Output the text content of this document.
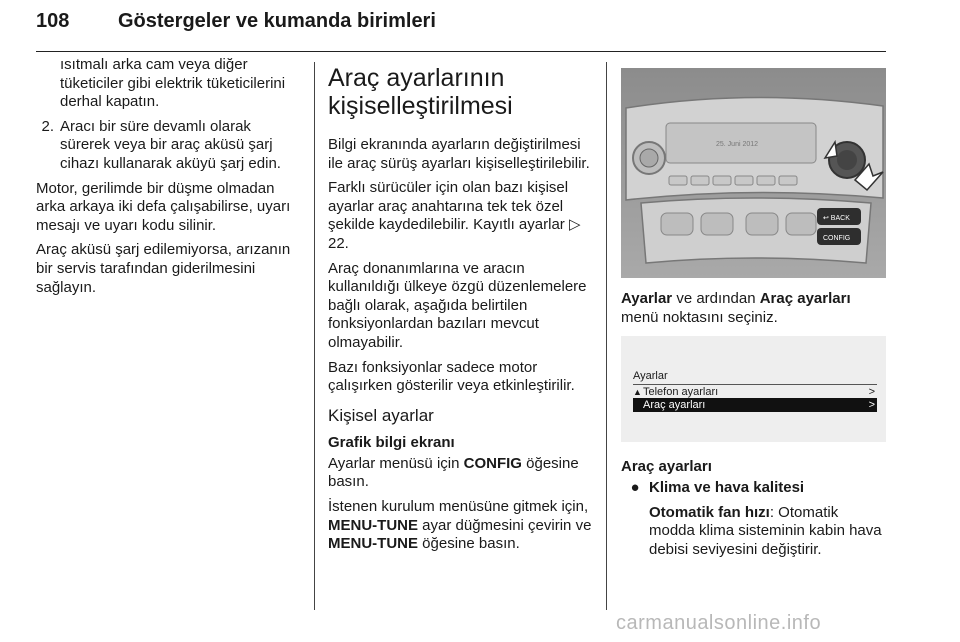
108 Göstergeler ve kumanda birimleri
ısıtmalı arka cam veya diğer
tüketiciler gibi elektrik tüketicilerini
derhal kapatın.
2. Aracı bir süre devamlı olarak sürerek veya bir araç aküsü şarj cihazı kullanarak aküyü şarj edin.
Motor, gerilimde bir düşme olmadan arka arkaya iki defa çalışabilirse, uyarı mesajı ve uyarı kodu silinir.
Araç aküsü şarj edilemiyorsa, arızanın bir servis tarafından giderilmesini sağlayın.
Araç ayarlarının kişiselleştirilmesi
Bilgi ekranında ayarların değiştirilmesi ile araç sürüş ayarları kişiselleştirilebilir.
Farklı sürücüler için olan bazı kişisel ayarlar araç anahtarına tek tek özel şekilde kaydedilebilir. Kayıtlı ayarlar ▷ 22.
Araç donanımlarına ve aracın kullanıldığı ülkeye özgü düzenlemelere bağlı olarak, aşağıda belirtilen fonksiyonlardan bazıları mevcut olmayabilir.
Bazı fonksiyonlar sadece motor çalışırken gösterilir veya etkinleştirilir.
Kişisel ayarlar
Grafik bilgi ekranı
Ayarlar menüsü için CONFIG öğesine basın.
İstenen kurulum menüsüne gitmek için, MENU-TUNE ayar düğmesini çevirin ve MENU-TUNE öğesine basın.
25. Juni 2012
↩ BACK
CONFIG
Ayarlar ve ardından Araç ayarları menü noktasını seçiniz.
Ayarlar
▲ Telefon ayarları	>
Araç ayarları	>
Araç ayarları
● Klima ve hava kalitesi
Otomatik fan hızı: Otomatik modda klima sisteminin kabin hava debisi seviyesini değiştirir.
carmanualsonline.info
